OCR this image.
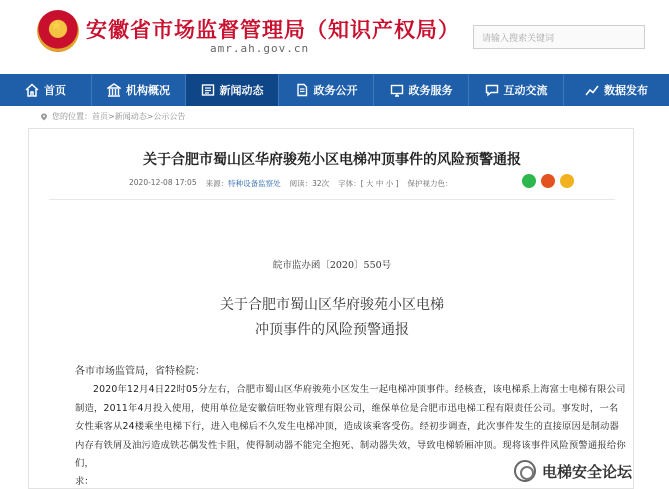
★ 安徽省市场监督管理局（知识产权局）
amr.ah.gov.cn
请输入搜索关键词
首页	机构概况	新闻动态	政务公开	政务服务	互动交流	数据发布
您的位置： 首页 > 新闻动态 > 公示公告
关于合肥市蜀山区华府骏苑小区电梯冲顶事件的风险预警通报
2020-12-08 17:05 来源：特种设备监察处 阅读：32次 字体：[ 大 中 小 ] 保护视力色：
皖市监办函〔2020〕550号
关于合肥市蜀山区华府骏苑小区电梯
冲顶事件的风险预警通报
各市市场监管局，省特检院：
2020年12月4日22时05分左右，合肥市蜀山区华府骏苑小区发生一起电梯冲顶事件。经核查，该电梯系上海富士电梯有限公司制造，2011年4月投入使用，使用单位是安徽信旺物业管理有限公司，维保单位是合肥市迅电梯工程有限责任公司。事发时，一名女性乘客从24楼乘坐电梯下行，进入电梯后不久发生电梯冲顶，造成该乘客受伤。经初步调查，此次事件发生的直接原因是制动器内存有铁屑及油污造成铁芯偶发性卡阻，使得制动器不能完全抱死、制动器失效，导致电梯轿厢冲顶。现将该事件风险预警通报给你们，
求：
电梯安全论坛
